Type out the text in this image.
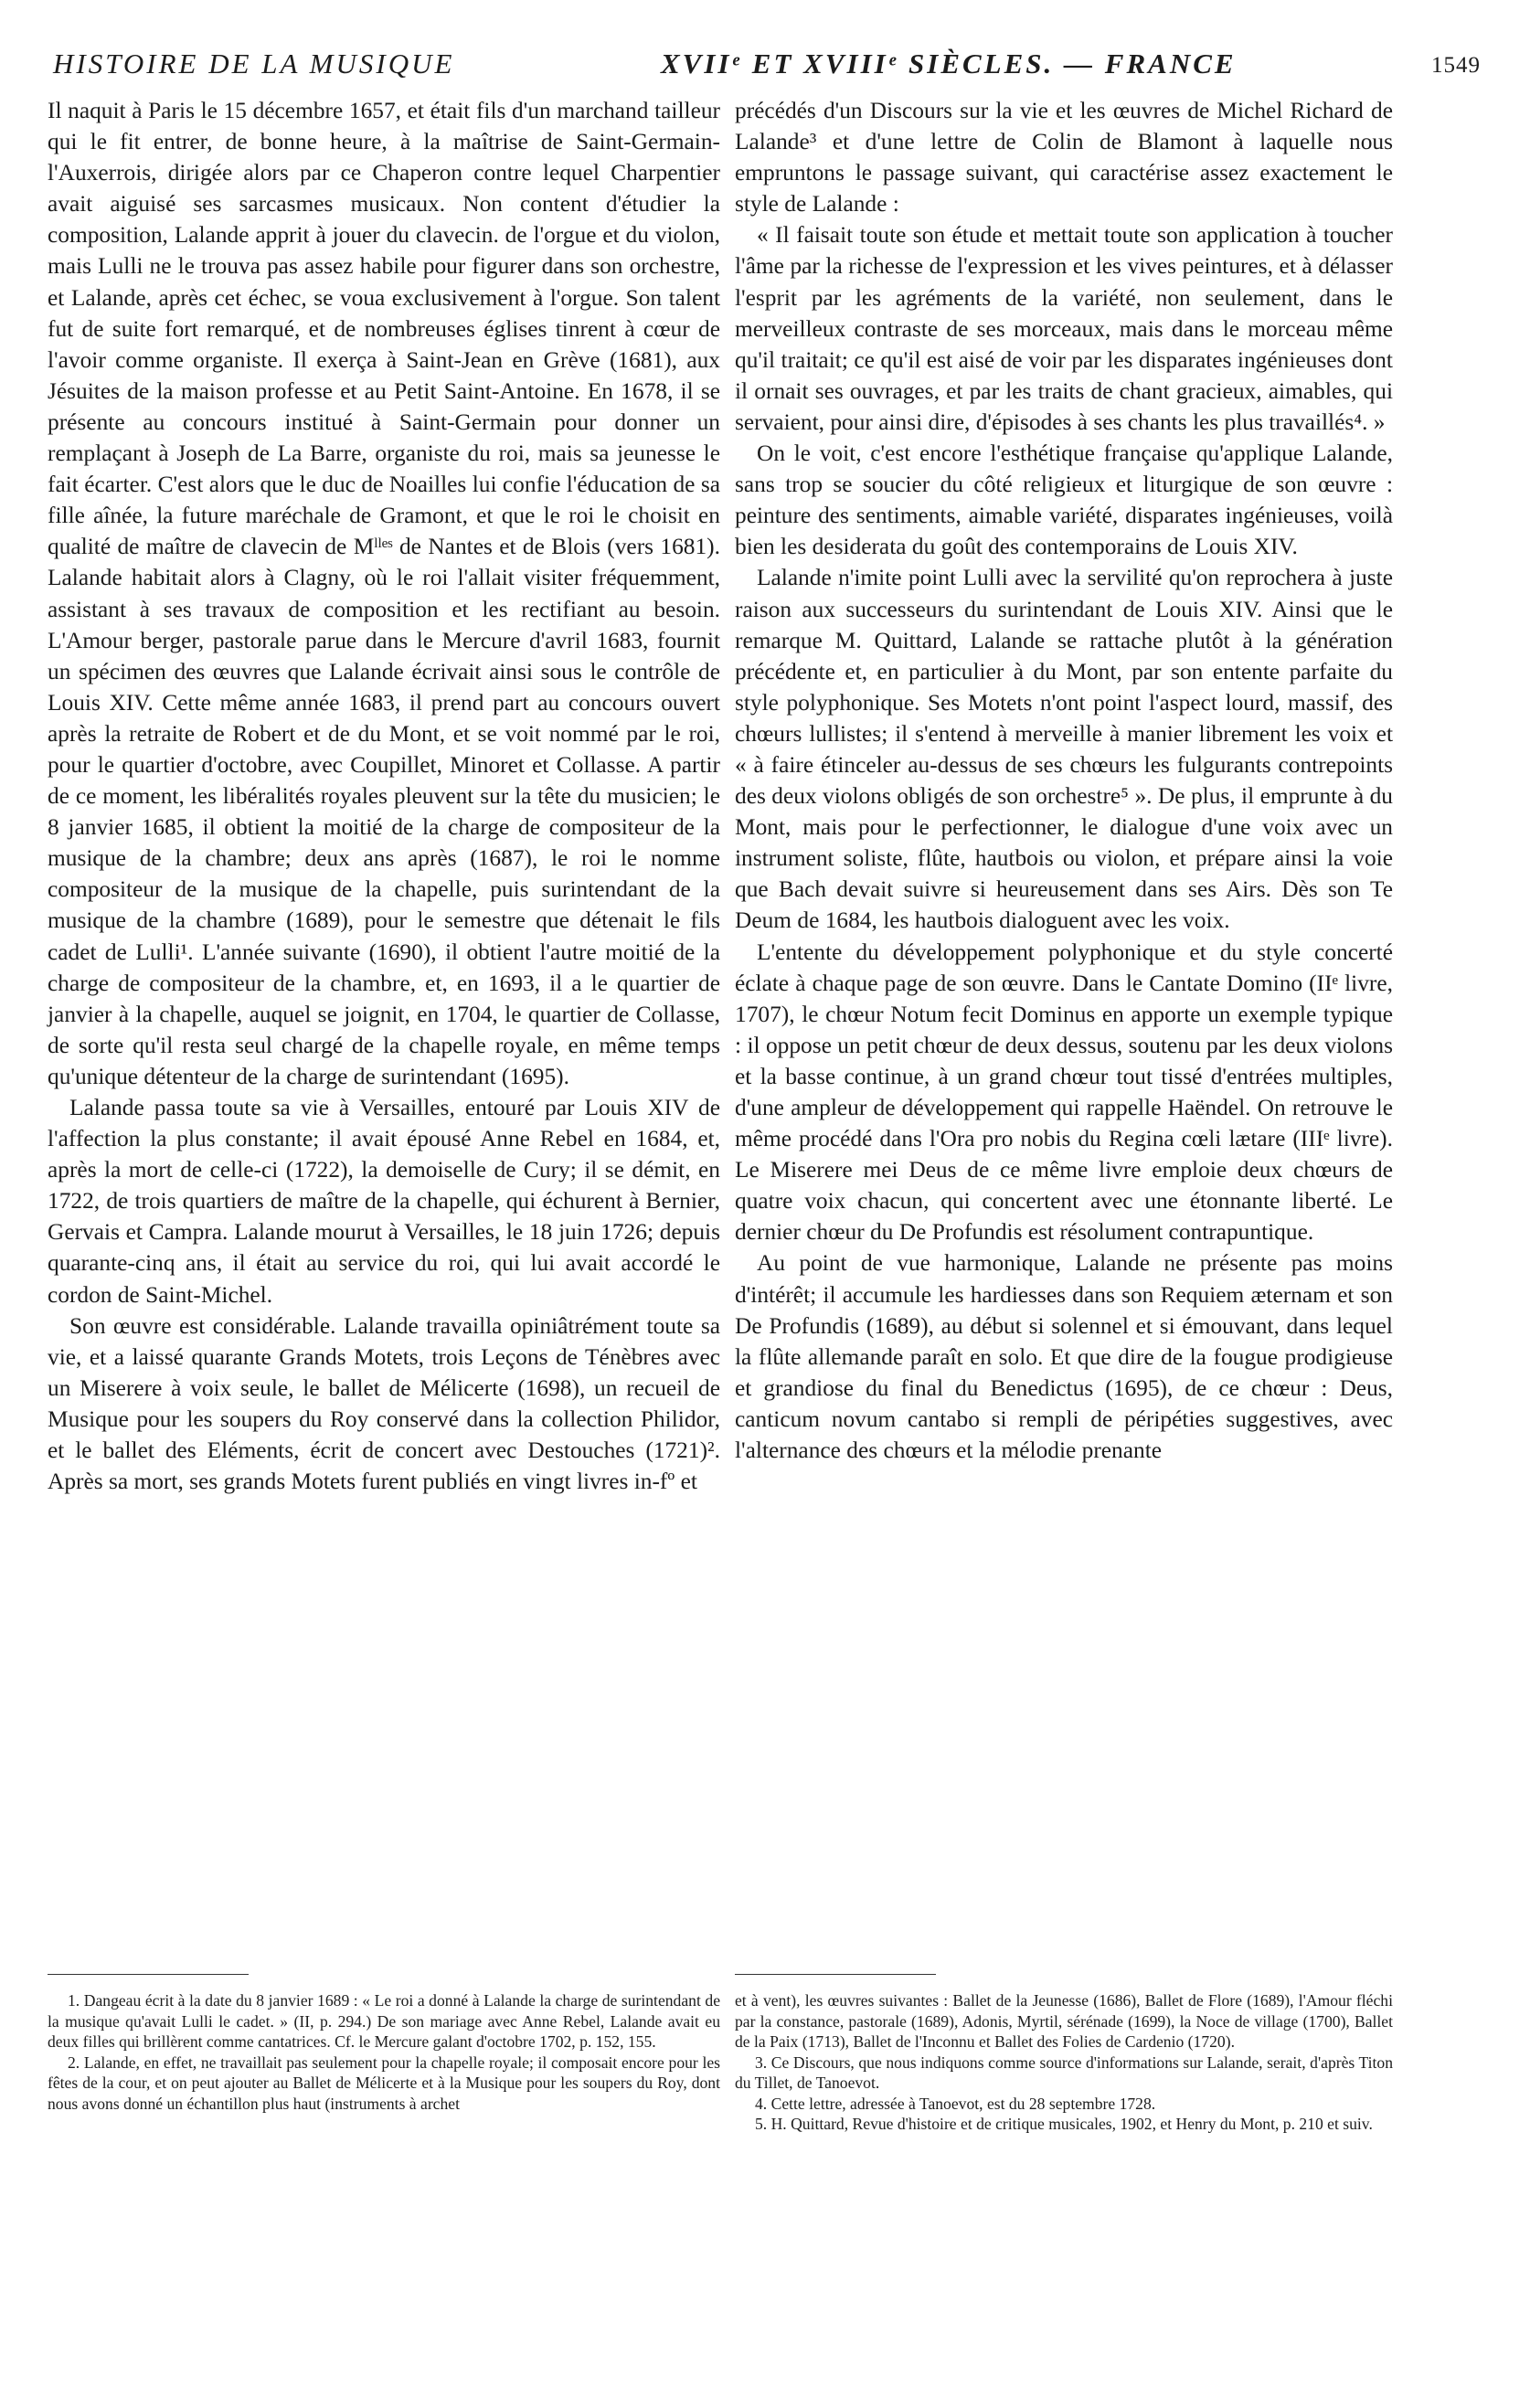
HISTOIRE DE LA MUSIQUE	XVIIᵉ ET XVIIIᵉ SIÈCLES. — FRANCE	1549

Il naquit à Paris le 15 décembre 1657, et était fils d'un marchand tailleur qui le fit entrer, de bonne heure, à la maîtrise de Saint-Germain-l'Auxerrois, dirigée alors par ce Chaperon contre lequel Charpentier avait aiguisé ses sarcasmes musicaux. Non content d'étudier la composition, Lalande apprit à jouer du clavecin. de l'orgue et du violon, mais Lulli ne le trouva pas assez habile pour figurer dans son orchestre, et Lalande, après cet échec, se voua exclusivement à l'orgue. Son talent fut de suite fort remarqué, et de nombreuses églises tinrent à cœur de l'avoir comme organiste. Il exerça à Saint-Jean en Grève (1681), aux Jésuites de la maison professe et au Petit Saint-Antoine. En 1678, il se présente au concours institué à Saint-Germain pour donner un remplaçant à Joseph de La Barre, organiste du roi, mais sa jeunesse le fait écarter. C'est alors que le duc de Noailles lui confie l'éducation de sa fille aînée, la future maréchale de Gramont, et que le roi le choisit en qualité de maître de clavecin de Mˡˡᵉˢ de Nantes et de Blois (vers 1681). Lalande habitait alors à Clagny, où le roi l'allait visiter fréquemment, assistant à ses travaux de composition et les rectifiant au besoin. L'Amour berger, pastorale parue dans le Mercure d'avril 1683, fournit un spécimen des œuvres que Lalande écrivait ainsi sous le contrôle de Louis XIV. Cette même année 1683, il prend part au concours ouvert après la retraite de Robert et de du Mont, et se voit nommé par le roi, pour le quartier d'octobre, avec Coupillet, Minoret et Collasse. A partir de ce moment, les libéralités royales pleuvent sur la tête du musicien; le 8 janvier 1685, il obtient la moitié de la charge de compositeur de la musique de la chambre; deux ans après (1687), le roi le nomme compositeur de la musique de la chapelle, puis surintendant de la musique de la chambre (1689), pour le semestre que détenait le fils cadet de Lulli¹. L'année suivante (1690), il obtient l'autre moitié de la charge de compositeur de la chambre, et, en 1693, il a le quartier de janvier à la chapelle, auquel se joignit, en 1704, le quartier de Collasse, de sorte qu'il resta seul chargé de la chapelle royale, en même temps qu'unique détenteur de la charge de surintendant (1695).

Lalande passa toute sa vie à Versailles, entouré par Louis XIV de l'affection la plus constante; il avait épousé Anne Rebel en 1684, et, après la mort de celle-ci (1722), la demoiselle de Cury; il se démit, en 1722, de trois quartiers de maître de la chapelle, qui échurent à Bernier, Gervais et Campra. Lalande mourut à Versailles, le 18 juin 1726; depuis quarante-cinq ans, il était au service du roi, qui lui avait accordé le cordon de Saint-Michel.

Son œuvre est considérable. Lalande travailla opiniâtrément toute sa vie, et a laissé quarante Grands Motets, trois Leçons de Ténèbres avec un Miserere à voix seule, le ballet de Mélicerte (1698), un recueil de Musique pour les soupers du Roy conservé dans la collection Philidor, et le ballet des Eléments, écrit de concert avec Destouches (1721)². Après sa mort, ses grands Motets furent publiés en vingt livres in-fº et

précédés d'un Discours sur la vie et les œuvres de Michel Richard de Lalande³ et d'une lettre de Colin de Blamont à laquelle nous empruntons le passage suivant, qui caractérise assez exactement le style de Lalande :

« Il faisait toute son étude et mettait toute son application à toucher l'âme par la richesse de l'expression et les vives peintures, et à délasser l'esprit par les agréments de la variété, non seulement, dans le merveilleux contraste de ses morceaux, mais dans le morceau même qu'il traitait; ce qu'il est aisé de voir par les disparates ingénieuses dont il ornait ses ouvrages, et par les traits de chant gracieux, aimables, qui servaient, pour ainsi dire, d'épisodes à ses chants les plus travaillés⁴. »

On le voit, c'est encore l'esthétique française qu'applique Lalande, sans trop se soucier du côté religieux et liturgique de son œuvre : peinture des sentiments, aimable variété, disparates ingénieuses, voilà bien les desiderata du goût des contemporains de Louis XIV.

Lalande n'imite point Lulli avec la servilité qu'on reprochera à juste raison aux successeurs du surintendant de Louis XIV. Ainsi que le remarque M. Quittard, Lalande se rattache plutôt à la génération précédente et, en particulier à du Mont, par son entente parfaite du style polyphonique. Ses Motets n'ont point l'aspect lourd, massif, des chœurs lullistes; il s'entend à merveille à manier librement les voix et « à faire étinceler au-dessus de ses chœurs les fulgurants contrepoints des deux violons obligés de son orchestre⁵ ». De plus, il emprunte à du Mont, mais pour le perfectionner, le dialogue d'une voix avec un instrument soliste, flûte, hautbois ou violon, et prépare ainsi la voie que Bach devait suivre si heureusement dans ses Airs. Dès son Te Deum de 1684, les hautbois dialoguent avec les voix.

L'entente du développement polyphonique et du style concerté éclate à chaque page de son œuvre. Dans le Cantate Domino (IIᵉ livre, 1707), le chœur Notum fecit Dominus en apporte un exemple typique : il oppose un petit chœur de deux dessus, soutenu par les deux violons et la basse continue, à un grand chœur tout tissé d'entrées multiples, d'une ampleur de développement qui rappelle Haëndel. On retrouve le même procédé dans l'Ora pro nobis du Regina cœli lætare (IIIᵉ livre). Le Miserere mei Deus de ce même livre emploie deux chœurs de quatre voix chacun, qui concertent avec une étonnante liberté. Le dernier chœur du De Profundis est résolument contrapuntique.

Au point de vue harmonique, Lalande ne présente pas moins d'intérêt; il accumule les hardiesses dans son Requiem æternam et son De Profundis (1689), au début si solennel et si émouvant, dans lequel la flûte allemande paraît en solo. Et que dire de la fougue prodigieuse et grandiose du final du Benedictus (1695), de ce chœur : Deus, canticum novum cantabo si rempli de péripéties suggestives, avec l'alternance des chœurs et la mélodie prenante

1. Dangeau écrit à la date du 8 janvier 1689 : « Le roi a donné à Lalande la charge de surintendant de la musique qu'avait Lulli le cadet. » (II, p. 294.) De son mariage avec Anne Rebel, Lalande avait eu deux filles qui brillèrent comme cantatrices. Cf. le Mercure galant d'octobre 1702, p. 152, 155.

2. Lalande, en effet, ne travaillait pas seulement pour la chapelle royale; il composait encore pour les fêtes de la cour, et on peut ajouter au Ballet de Mélicerte et à la Musique pour les soupers du Roy, dont nous avons donné un échantillon plus haut (instruments à archet

et à vent), les œuvres suivantes : Ballet de la Jeunesse (1686), Ballet de Flore (1689), l'Amour fléchi par la constance, pastorale (1689), Adonis, Myrtil, sérénade (1699), la Noce de village (1700), Ballet de la Paix (1713), Ballet de l'Inconnu et Ballet des Folies de Cardenio (1720).

3. Ce Discours, que nous indiquons comme source d'informations sur Lalande, serait, d'après Titon du Tillet, de Tanoevot.

4. Cette lettre, adressée à Tanoevot, est du 28 septembre 1728.

5. H. Quittard, Revue d'histoire et de critique musicales, 1902, et Henry du Mont, p. 210 et suiv.
